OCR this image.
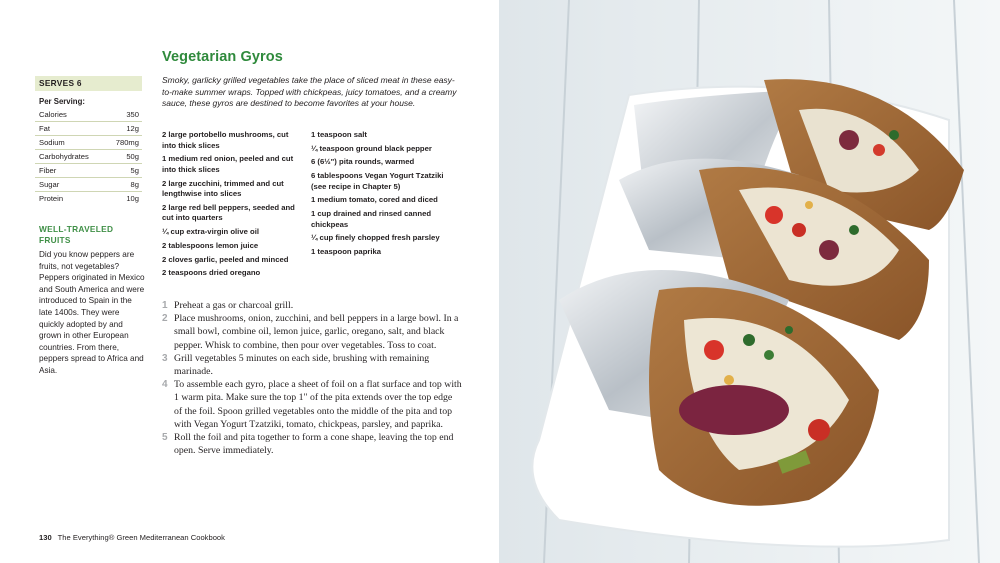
Vegetarian Gyros
SERVES 6
Per Serving:
Calories	350
Fat	12g
Sodium	780mg
Carbohydrates	50g
Fiber	5g
Sugar	8g
Protein	10g
WELL-TRAVELED FRUITS
Did you know peppers are fruits, not vegetables? Peppers originated in Mexico and South America and were introduced to Spain in the late 1400s. They were quickly adopted by and grown in other European countries. From there, peppers spread to Africa and Asia.
Smoky, garlicky grilled vegetables take the place of sliced meat in these easy-to-make summer wraps. Topped with chickpeas, juicy tomatoes, and a creamy sauce, these gyros are destined to become favorites at your house.
2 large portobello mushrooms, cut into thick slices
1 medium red onion, peeled and cut into thick slices
2 large zucchini, trimmed and cut lengthwise into slices
2 large red bell peppers, seeded and cut into quarters
¼ cup extra-virgin olive oil
2 tablespoons lemon juice
2 cloves garlic, peeled and minced
2 teaspoons dried oregano
1 teaspoon salt
¼ teaspoon ground black pepper
6 (6½") pita rounds, warmed
6 tablespoons Vegan Yogurt Tzatziki (see recipe in Chapter 5)
1 medium tomato, cored and diced
1 cup drained and rinsed canned chickpeas
¼ cup finely chopped fresh parsley
1 teaspoon paprika
1 Preheat a gas or charcoal grill.
2 Place mushrooms, onion, zucchini, and bell peppers in a large bowl. In a small bowl, combine oil, lemon juice, garlic, oregano, salt, and black pepper. Whisk to combine, then pour over vegetables. Toss to coat.
3 Grill vegetables 5 minutes on each side, brushing with remaining marinade.
4 To assemble each gyro, place a sheet of foil on a flat surface and top with 1 warm pita. Make sure the top 1" of the pita extends over the top edge of the foil. Spoon grilled vegetables onto the middle of the pita and top with Vegan Yogurt Tzatziki, tomato, chickpeas, parsley, and paprika.
5 Roll the foil and pita together to form a cone shape, leaving the top end open. Serve immediately.
130 The Everything® Green Mediterranean Cookbook
